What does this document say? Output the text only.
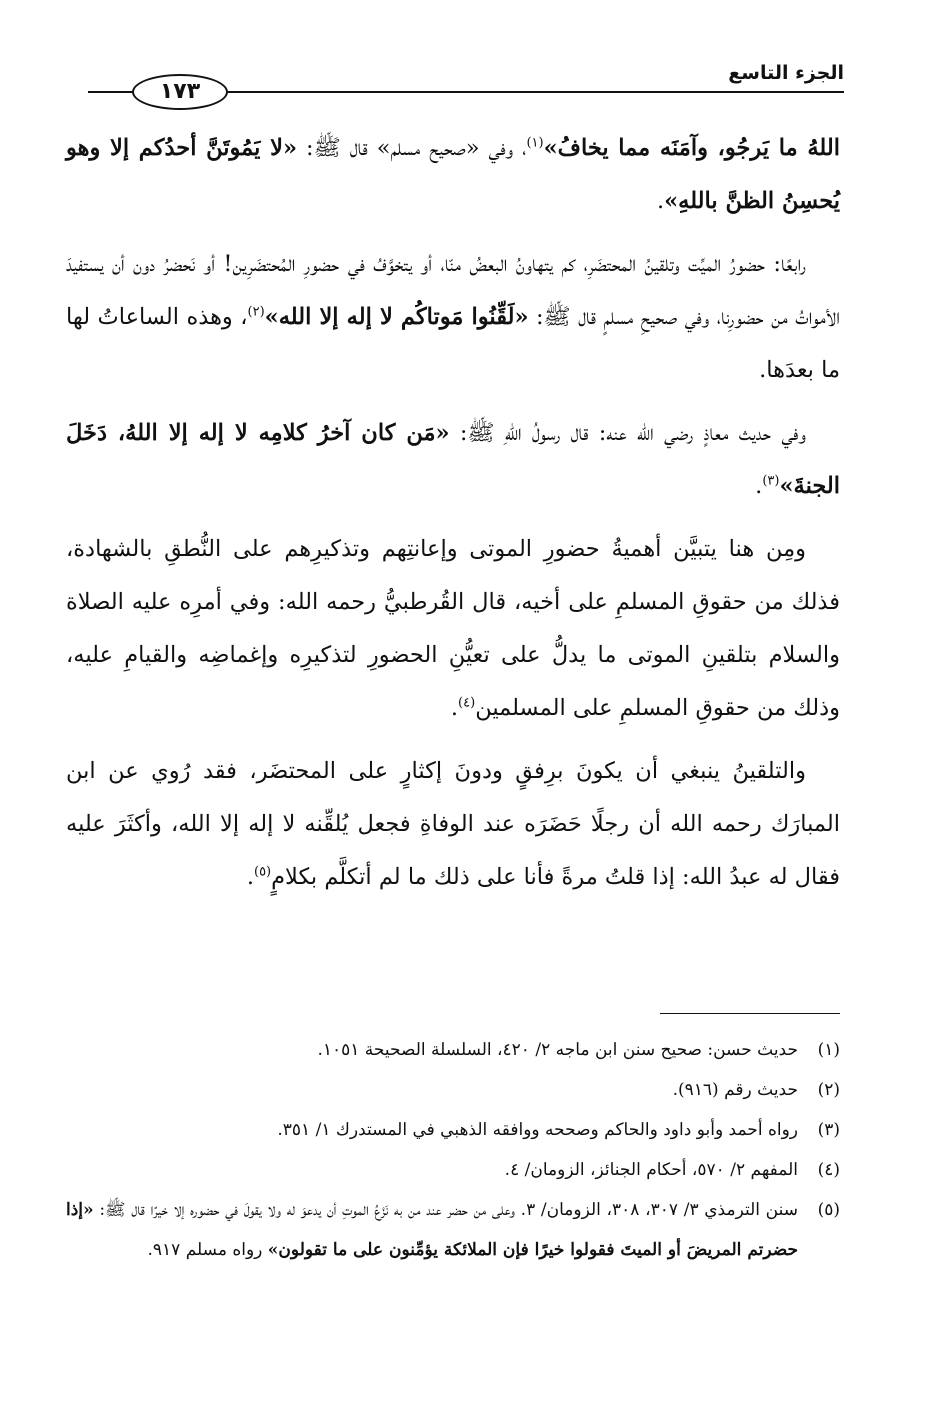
١٧٣
الجزء التاسع

اللهُ ما يَرجُو، وآمَنَه مما يخافُ»$^{(١)}$، وفي «صحيح مسلم» قال ﷺ: «لا يَمُوتَنَّ أحدُكم إلا وهو يُحسِنُ الظنَّ باللهِ».

رابعًا: حضورُ الميِّت وتلقينُ المحتضَرِ، كم يتهاونُ البعضُ منّا، أو يتخوَّفُ في حضورِ المُحتضَرِين! أو نَحضرُ دون أن يستفيدَ الأمواتُ من حضورِنا، وفي صحيحِ مسلمٍ قال ﷺ: «لَقِّنُوا مَوتاكُم لا إله إلا الله»$^{(٢)}$، وهذه الساعاتُ لها ما بعدَها.

وفي حديث معاذٍ رضي الله عنه: قال رسولُ اللهِ ﷺ: «مَن كان آخرُ كلامِه لا إله إلا اللهُ، دَخَلَ الجنةَ»$^{(٣)}$.

ومِن هنا يتبيَّن أهميةُ حضورِ الموتى وإعانتِهم وتذكيرِهم على النُّطقِ بالشهادة، فذلك من حقوقِ المسلمِ على أخيه، قال القُرطبيُّ رحمه الله: وفي أمرِه عليه الصلاة والسلام بتلقينِ الموتى ما يدلُّ على تعيُّنِ الحضورِ لتذكيرِه وإغماضِه والقيامِ عليه، وذلك من حقوقِ المسلمِ على المسلمين$^{(٤)}$.

والتلقينُ ينبغي أن يكونَ برِفقٍ ودونَ إكثارٍ على المحتضَر، فقد رُوي عن ابن المبارَك رحمه الله أن رجلًا حَضَرَه عند الوفاةِ فجعل يُلقِّنه لا إله إلا الله، وأكثَرَ عليه فقال له عبدُ الله: إذا قلتُ مرةً فأنا على ذلك ما لم أتكلَّم بكلامٍ$^{(٥)}$.

(١)
حديث حسن: صحيح سنن ابن ماجه ٢/ ٤٢٠، السلسلة الصحيحة ١٠٥١.
(٢)
حديث رقم (٩١٦).
(٣)
رواه أحمد وأبو داود والحاكم وصححه ووافقه الذهبي في المستدرك ١/ ٣٥١.
(٤)
المفهم ٢/ ٥٧٠، أحكام الجنائز، الزومان/ ٤.
(٥)
سنن الترمذي ٣/ ٣٠٧، ٣٠٨، الزومان/ ٣. وعلى من حضر عند من به نَزْعُ الموتِ أن يدعوَ له ولا يقولَ في حضوره إلا خيرًا قال ﷺ: «إذا حضرتم المريضَ أو الميتَ فقولوا خيرًا فإن الملائكة يؤمِّنون على ما تقولون» رواه مسلم ٩١٧.
